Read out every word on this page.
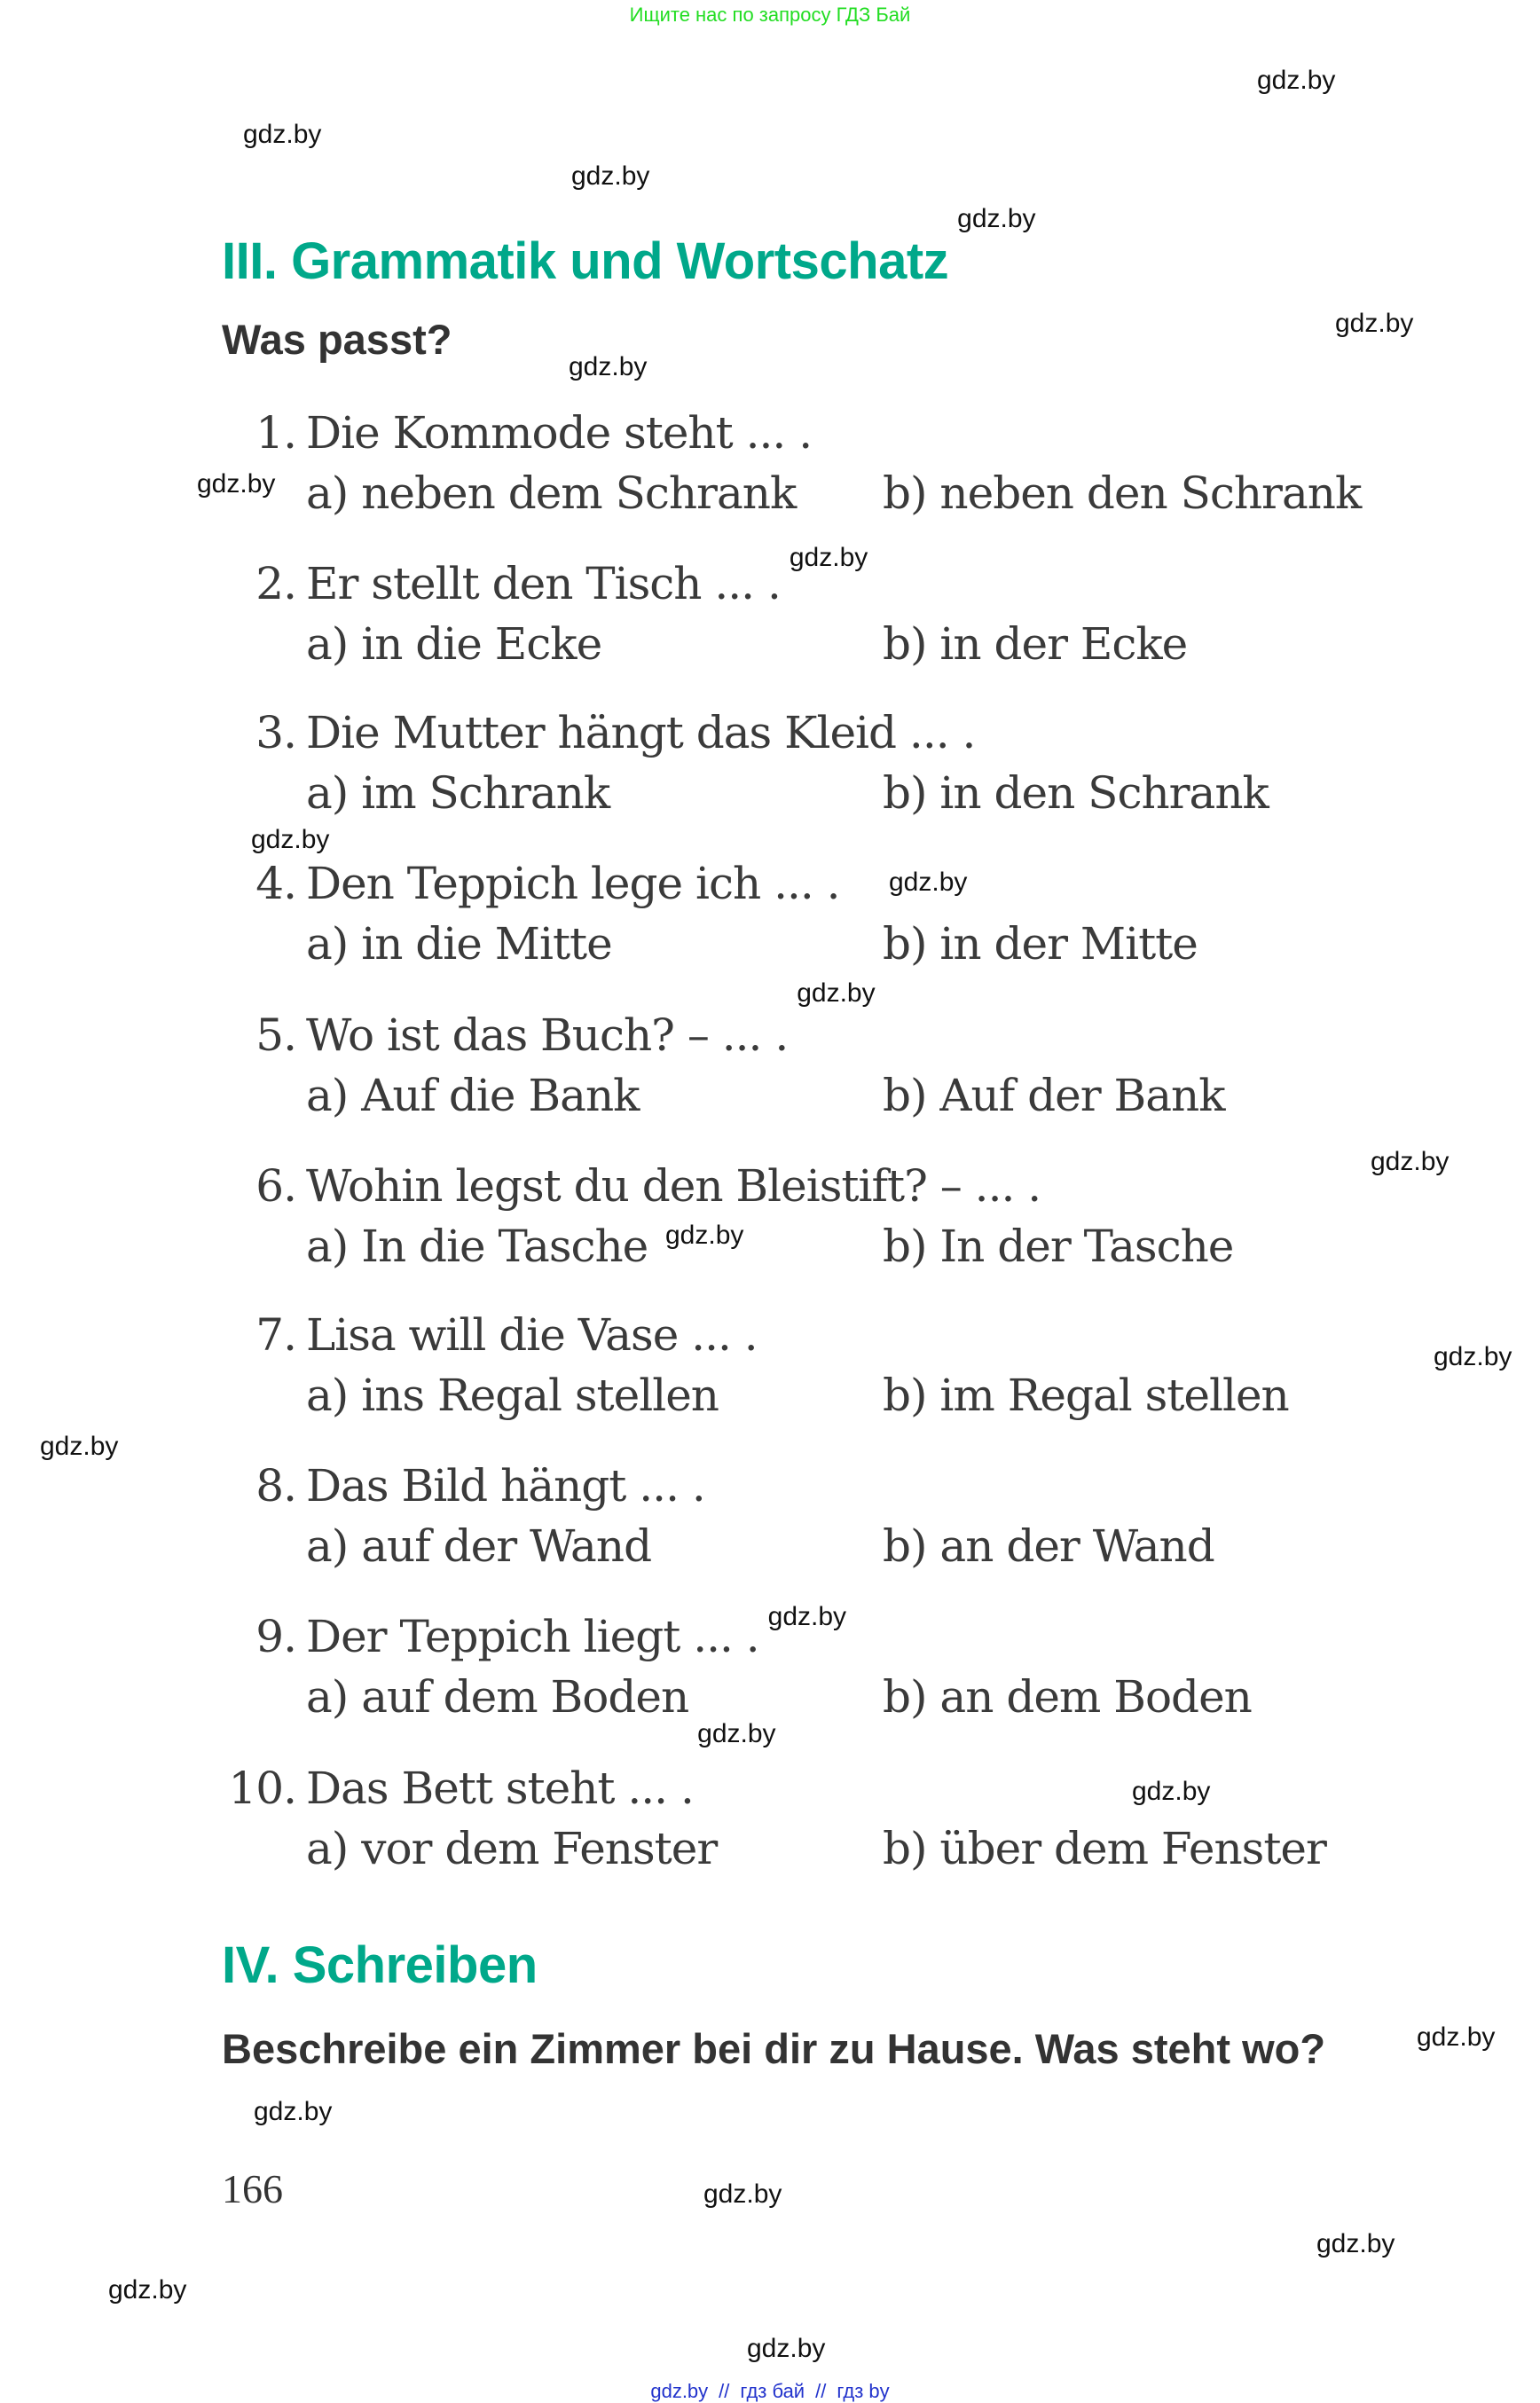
Ищите нас по запросу ГДЗ Бай
gdz.by
gdz.by
gdz.by
gdz.by
gdz.by
gdz.by
gdz.by
gdz.by
gdz.by
gdz.by
gdz.by
gdz.by
gdz.by
gdz.by
gdz.by
gdz.by
gdz.by
gdz.by
gdz.by
gdz.by
gdz.by
gdz.by
gdz.by
gdz.by
III. Grammatik und Wortschatz
Was passt?
1. Die Kommode steht ... .
a) neben dem Schrank b) neben den Schrank
2. Er stellt den Tisch ... .
a) in die Ecke	b) in der Ecke
3. Die Mutter hängt das Kleid ... .
a) im Schrank	b) in den Schrank
4. Den Teppich lege ich ... .
a) in die Mitte	b) in der Mitte
5. Wo ist das Buch? – ... .
a) Auf die Bank	b) Auf der Bank
6. Wohin legst du den Bleistift? – ... .
a) In die Tasche	b) In der Tasche
7. Lisa will die Vase ... .
a) ins Regal stellen	b) im Regal stellen
8. Das Bild hängt ... .
a) auf der Wand	b) an der Wand
9. Der Teppich liegt ... .
a) auf dem Boden	b) an dem Boden
10. Das Bett steht ... .
a) vor dem Fenster	b) über dem Fenster
IV. Schreiben
Beschreibe ein Zimmer bei dir zu Hause. Was steht wo?
166
gdz.by // гдз бай // гдз by
